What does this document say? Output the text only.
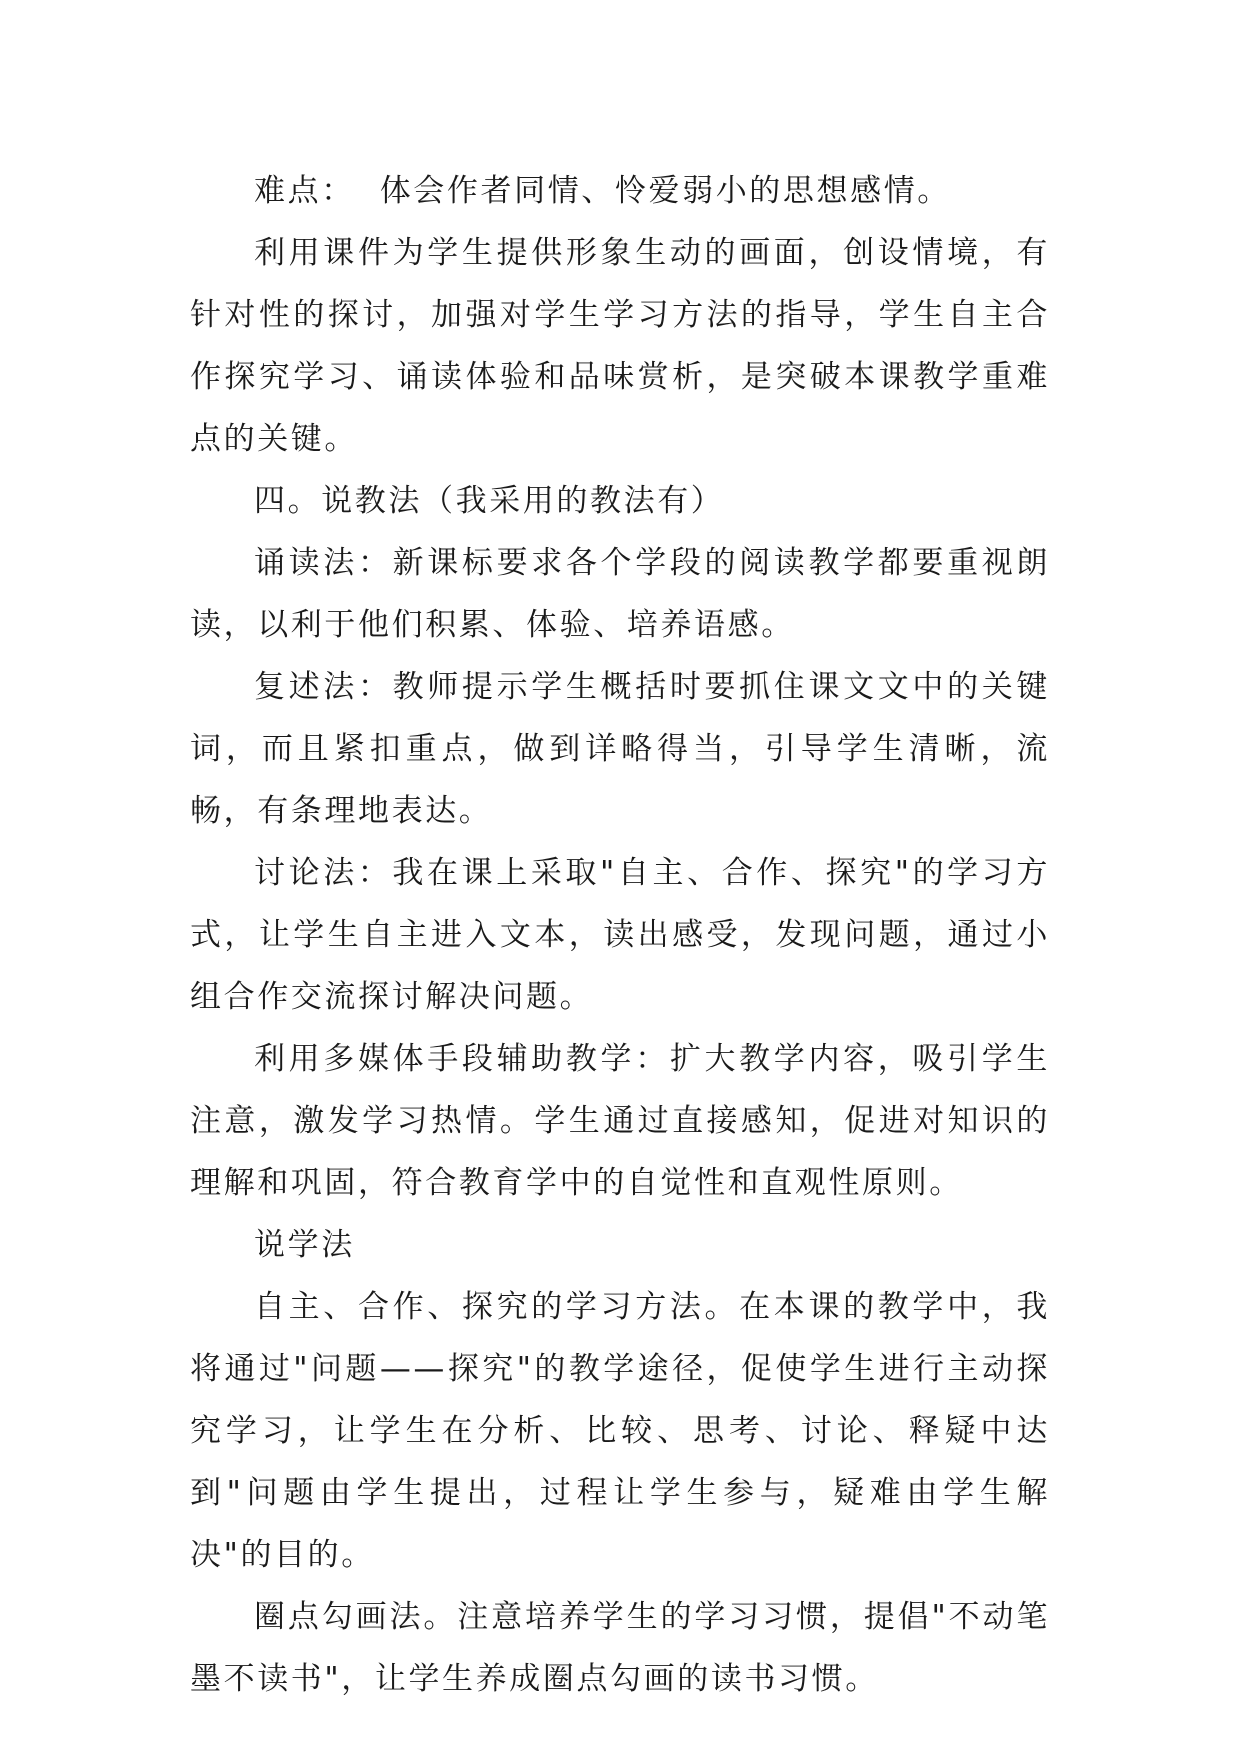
难点：  体会作者同情、怜爱弱小的思想感情。

利用课件为学生提供形象生动的画面，创设情境，有针对性的探讨，加强对学生学习方法的指导，学生自主合作探究学习、诵读体验和品味赏析，是突破本课教学重难点的关键。

四。说教法（我采用的教法有）

诵读法：新课标要求各个学段的阅读教学都要重视朗读，以利于他们积累、体验、培养语感。

复述法：教师提示学生概括时要抓住课文文中的关键词，而且紧扣重点，做到详略得当，引导学生清晰，流畅，有条理地表达。

讨论法：我在课上采取"自主、合作、探究"的学习方式，让学生自主进入文本，读出感受，发现问题，通过小组合作交流探讨解决问题。

利用多媒体手段辅助教学：扩大教学内容，吸引学生注意，激发学习热情。学生通过直接感知，促进对知识的理解和巩固，符合教育学中的自觉性和直观性原则。

说学法

自主、合作、探究的学习方法。在本课的教学中，我将通过"问题——探究"的教学途径，促使学生进行主动探究学习，让学生在分析、比较、思考、讨论、释疑中达到"问题由学生提出，过程让学生参与，疑难由学生解决"的目的。

圈点勾画法。注意培养学生的学习习惯，提倡"不动笔墨不读书"，让学生养成圈点勾画的读书习惯。
